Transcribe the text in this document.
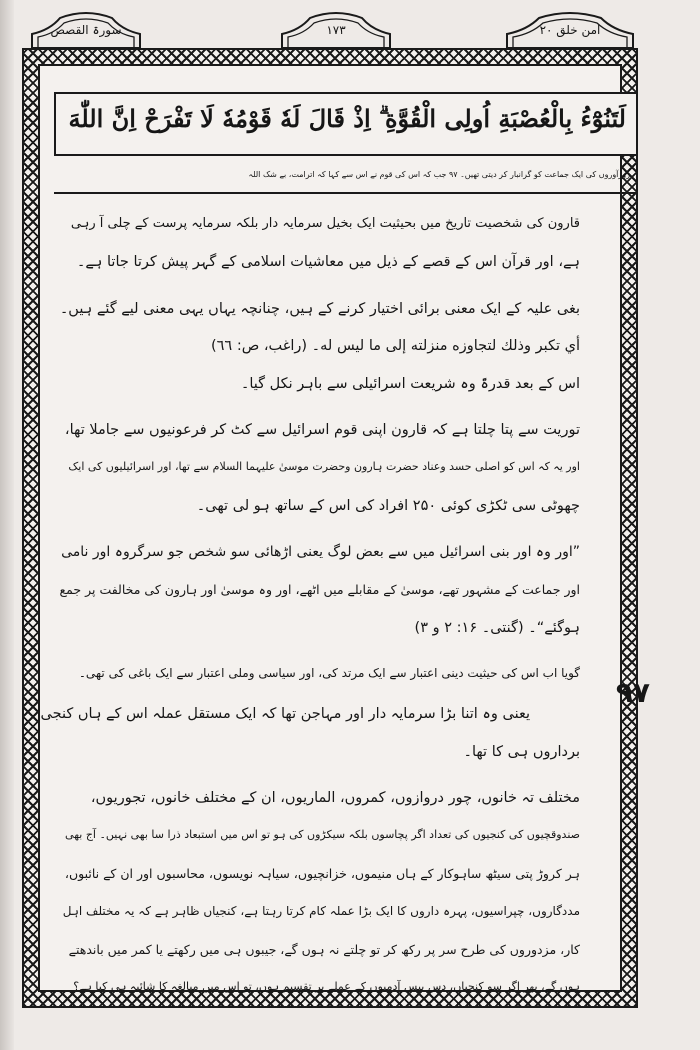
سورۃ القصص	۱۷۳	امن خلق ۲۰
لَتَنُوْٓءُ بِالْعُصْبَةِ اُولِى الْقُوَّةِ ۗ اِذْ قَالَ لَهٗ قَوْمُهٗ لَا تَفْرَحْ اِنَّ اللّٰهَ
زورآوروں کی ایک جماعت کو گرانبار کر دیتی تھیں۔ ۹۷ جب کہ اس کی قوم نے اس سے کہا کہ اترامت، بے شک اللہ
قارون کی شخصیت تاریخ میں بحیثیت ایک بخیل سرمایہ دار بلکہ سرمایہ پرست کے چلی آ رہی
ہے، اور قرآن اس کے قصے کے ذیل میں معاشیات اسلامی کے گہر پیش کرتا جاتا ہے۔
بغی علیہ کے ایک معنی برائی اختیار کرنے کے ہیں، چنانچہ یہاں یہی معنی لیے گئے ہیں۔
أي تكبر وذلك لتجاوزه منزلته إلى ما ليس له۔ (راغب، ص: ٦٦)
اس کے بعد قدرۃً وہ شریعت اسرائیلی سے باہر نکل گیا۔
توریت سے پتا چلتا ہے کہ قارون اپنی قوم اسرائیل سے کٹ کر فرعونیوں سے جاملا تھا،
اور یہ کہ اس کو اصلی حسد وعناد حضرت ہارون وحضرت موسیٰ علیہما السلام سے تھا، اور اسرائیلیوں کی ایک
چھوٹی سی ٹکڑی کوئی ۲۵۰ افراد کی اس کے ساتھ ہو لی تھی۔
”اور وہ اور بنی اسرائیل میں سے بعض لوگ یعنی اڑھائی سو شخص جو سرگروہ اور نامی
اور جماعت کے مشہور تھے، موسیٰ کے مقابلے میں اٹھے، اور وہ موسیٰ اور ہارون کی مخالفت پر جمع
ہوگئے“۔ (گنتی۔ ۱۶: ۲ و ۳)
گویا اب اس کی حیثیت دینی اعتبار سے ایک مرتد کی، اور سیاسی وملی اعتبار سے ایک باغی کی تھی۔
یعنی وہ اتنا بڑا سرمایہ دار اور مہاجن تھا کہ ایک مستقل عملہ اس کے ہاں کنجی
برداروں ہی کا تھا۔
مختلف تہ خانوں، چور دروازوں، کمروں، الماریوں، ان کے مختلف خانوں، تجوریوں،
صندوقچیوں کی کنجیوں کی تعداد اگر پچاسوں بلکہ سیکڑوں کی ہو تو اس میں استبعاد ذرا سا بھی نہیں۔ آج بھی
ہر کروڑ پتی سیٹھ ساہوکار کے ہاں منیموں، خزانچیوں، سیاہہ نویسوں، محاسبوں اور ان کے نائبوں،
مددگاروں، چپراسیوں، پہرہ داروں کا ایک بڑا عملہ کام کرتا رہتا ہے، کنجیاں ظاہر ہے کہ یہ مختلف اہل
کار، مزدوروں کی طرح سر پر رکھ کر تو چلتے نہ ہوں گے، جیبوں ہی میں رکھتے یا کمر میں باندھتے
ہوں گے، پھر اگر سو کنجیاں، دس بیس آدمیوں کے عملے پر تقسیم ہوں، تو اس میں مبالغہ کا شائبہ ہی کیا ہے؟
۹۷
